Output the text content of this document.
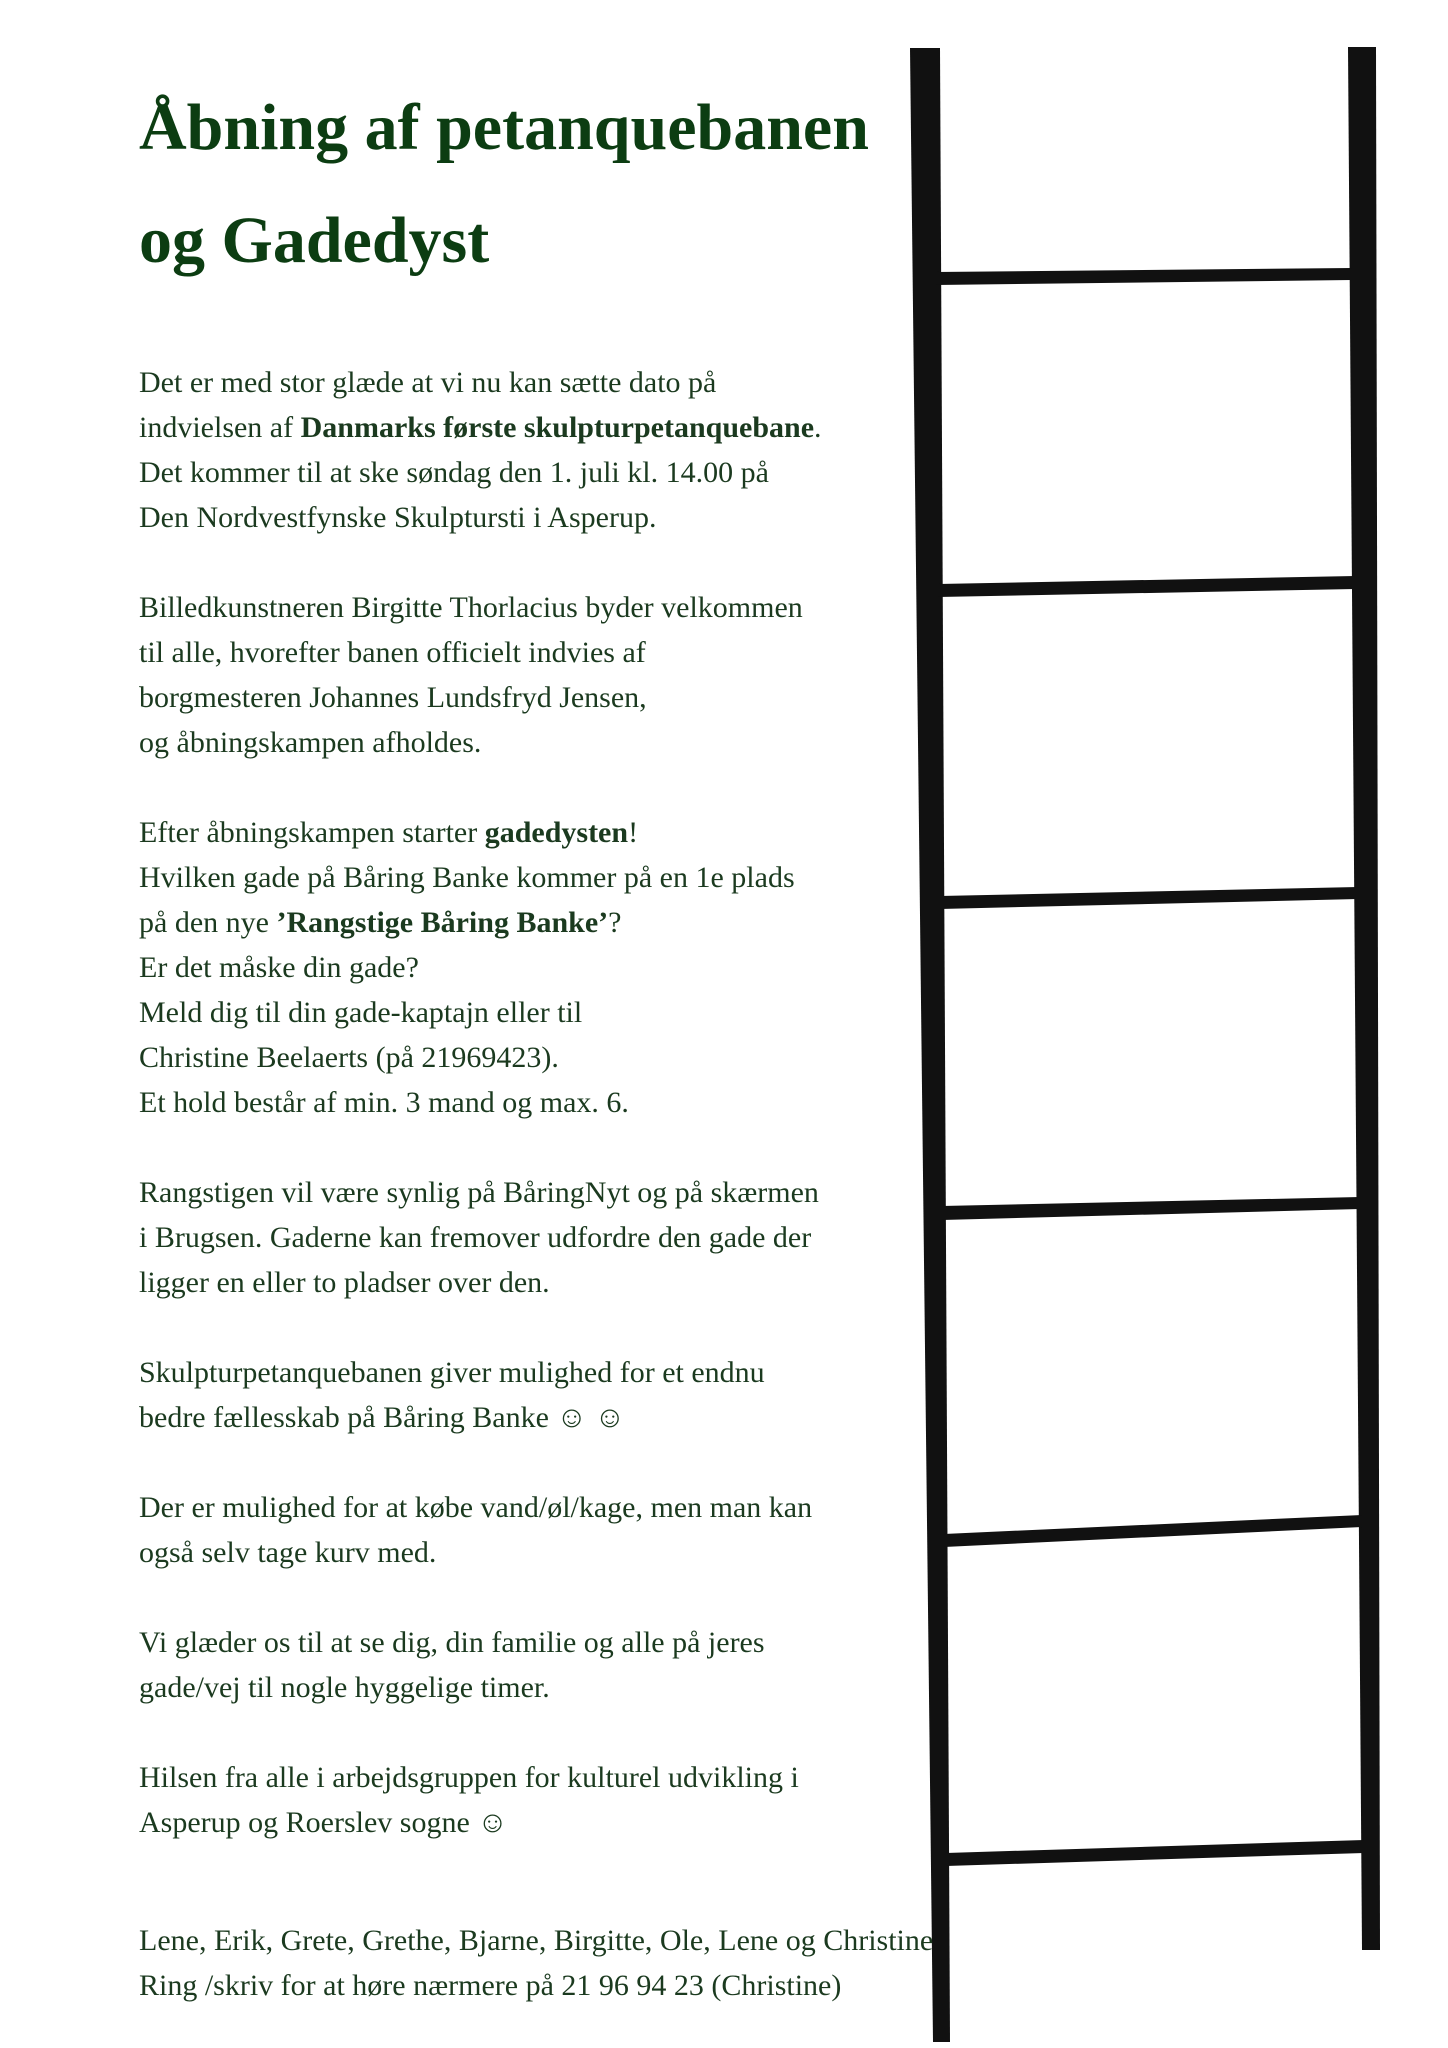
Åbning af petanquebanen
og Gadedyst

Det er med stor glæde at vi nu kan sætte dato på
indvielsen af Danmarks første skulpturpetanquebane.
Det kommer til at ske søndag den 1. juli kl. 14.00 på
Den Nordvestfynske Skulptursti i Asperup.

Billedkunstneren Birgitte Thorlacius byder velkommen
til alle, hvorefter banen officielt indvies af
borgmesteren Johannes Lundsfryd Jensen,
og åbningskampen afholdes.

Efter åbningskampen starter gadedysten!
Hvilken gade på Båring Banke kommer på en 1e plads
på den nye ’Rangstige Båring Banke’?
Er det måske din gade?
Meld dig til din gade-kaptajn eller til
Christine Beelaerts (på 21969423).
Et hold består af min. 3 mand og max. 6.

Rangstigen vil være synlig på BåringNyt og på skærmen
i Brugsen. Gaderne kan fremover udfordre den gade der
ligger en eller to pladser over den.

Skulpturpetanquebanen giver mulighed for et endnu
bedre fællesskab på Båring Banke ☺ ☺

Der er mulighed for at købe vand/øl/kage, men man kan
også selv tage kurv med.

Vi glæder os til at se dig, din familie og alle på jeres
gade/vej til nogle hyggelige timer.

Hilsen fra alle i arbejdsgruppen for kulturel udvikling i
Asperup og Roerslev sogne ☺

Lene, Erik, Grete, Grethe, Bjarne, Birgitte, Ole, Lene og Christine
Ring /skriv for at høre nærmere på 21 96 94 23 (Christine)
